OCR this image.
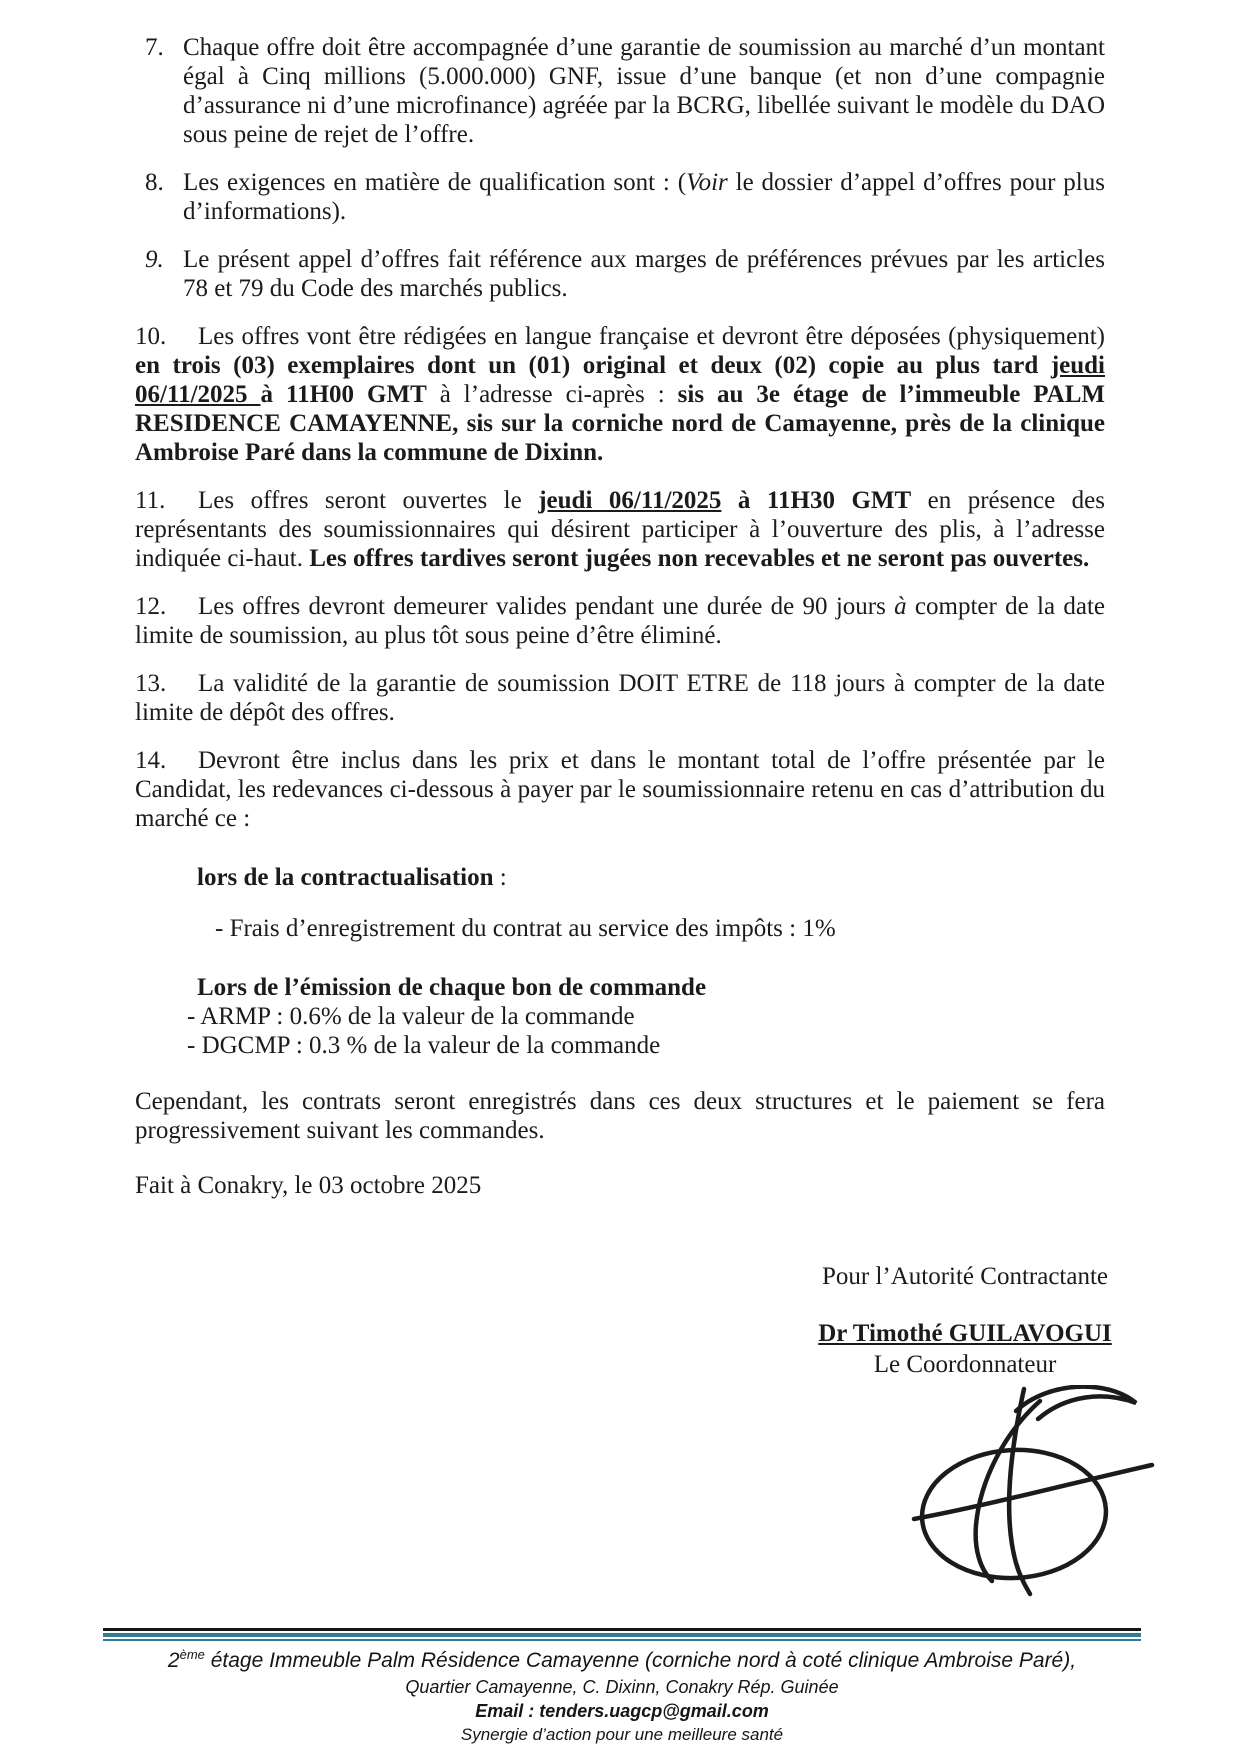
7. Chaque offre doit être accompagnée d’une garantie de soumission au marché d’un montant égal à Cinq millions (5.000.000) GNF, issue d’une banque (et non d’une compagnie d’assurance ni d’une microfinance) agréée par la BCRG, libellée suivant le modèle du DAO sous peine de rejet de l’offre.
8. Les exigences en matière de qualification sont : (Voir le dossier d’appel d’offres pour plus d’informations).
9. Le présent appel d’offres fait référence aux marges de préférences prévues par les articles 78 et 79 du Code des marchés publics.

10. Les offres vont être rédigées en langue française et devront être déposées (physiquement) en trois (03) exemplaires dont un (01) original et deux (02) copie au plus tard jeudi 06/11/2025 à 11H00 GMT à l’adresse ci-après : sis au 3e étage de l’immeuble PALM RESIDENCE CAMAYENNE, sis sur la corniche nord de Camayenne, près de la clinique Ambroise Paré dans la commune de Dixinn.

11. Les offres seront ouvertes le jeudi 06/11/2025 à 11H30 GMT en présence des représentants des soumissionnaires qui désirent participer à l’ouverture des plis, à l’adresse indiquée ci-haut. Les offres tardives seront jugées non recevables et ne seront pas ouvertes.

12. Les offres devront demeurer valides pendant une durée de 90 jours à compter de la date limite de soumission, au plus tôt sous peine d’être éliminé.

13. La validité de la garantie de soumission DOIT ETRE de 118 jours à compter de la date limite de dépôt des offres.

14. Devront être inclus dans les prix et dans le montant total de l’offre présentée par le Candidat, les redevances ci-dessous à payer par le soumissionnaire retenu en cas d’attribution du marché ce :

lors de la contractualisation :

- Frais d’enregistrement du contrat au service des impôts : 1%

Lors de l’émission de chaque bon de commande

- ARMP : 0.6% de la valeur de la commande

- DGCMP : 0.3 % de la valeur de la commande

Cependant, les contrats seront enregistrés dans ces deux structures et le paiement se fera progressivement suivant les commandes.

Fait à Conakry, le 03 octobre 2025

Pour l’Autorité Contractante

Dr Timothé GUILAVOGUI

Le Coordonnateur

2ème étage Immeuble Palm Résidence Camayenne (corniche nord à coté clinique Ambroise Paré),

Quartier Camayenne, C. Dixinn, Conakry Rép. Guinée

Email : tenders.uagcp@gmail.com

Synergie d’action pour une meilleure santé
